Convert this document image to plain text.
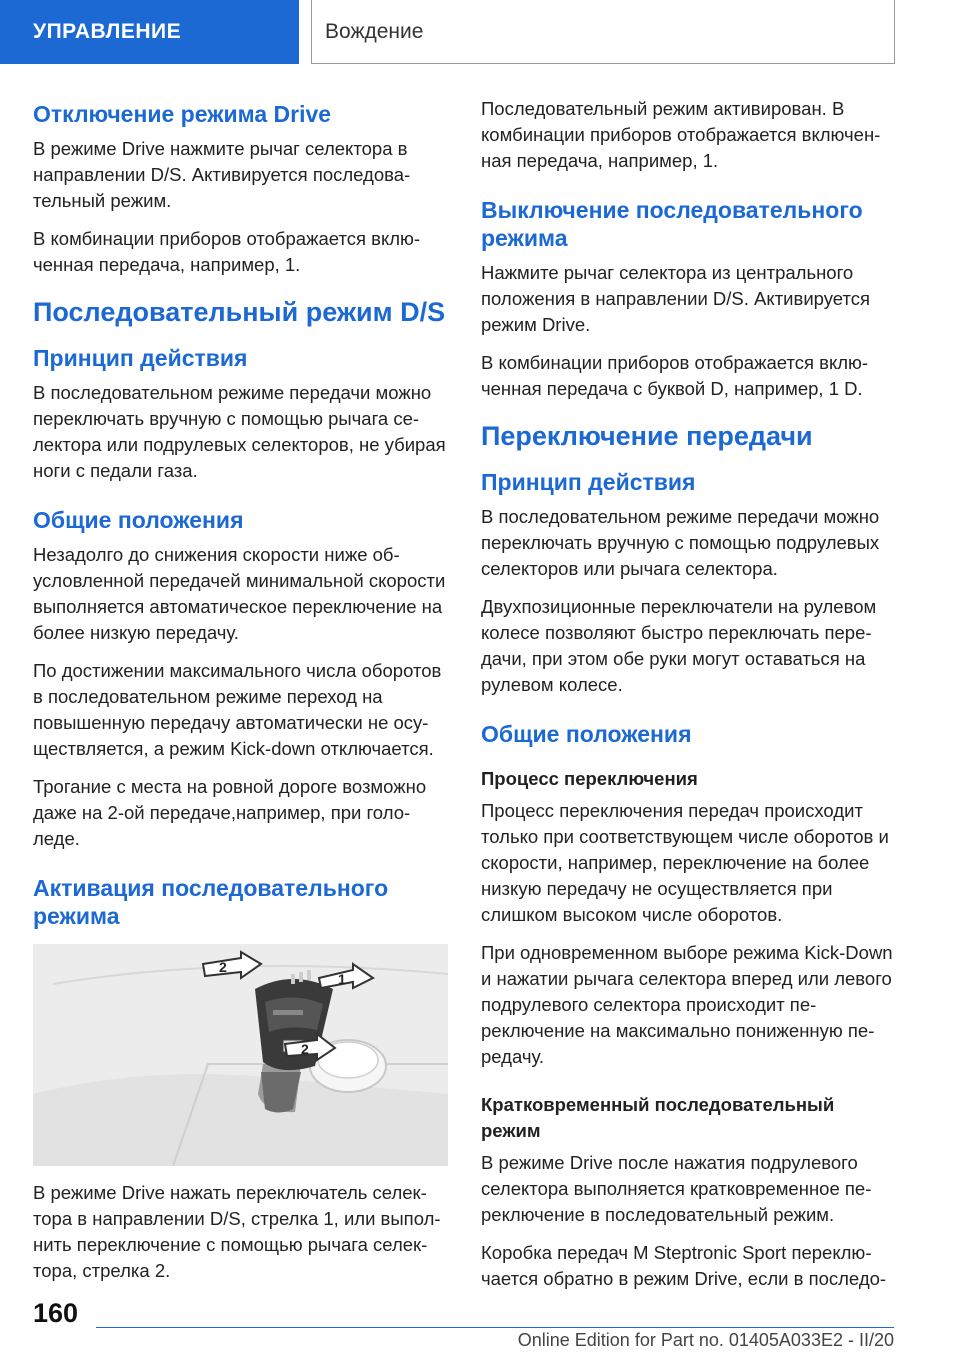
УПРАВЛЕНИЕ	Вождение
Отключение режима Drive

В режиме Drive нажмите рычаг селектора в направлении D/S. Активируется последовательный режим.

В комбинации приборов отображается включенная передача, например, 1.

Последовательный режим D/S
Принцип действия

В последовательном режиме передачи можно переключать вручную с помощью рычага селектора или подрулевых селекторов, не убирая ноги с педали газа.

Общие положения

Незадолго до снижения скорости ниже обусловленной передачей минимальной скорости выполняется автоматическое переключение на более низкую передачу.

По достижении максимального числа оборотов в последовательном режиме переход на повышенную передачу автоматически не осуществляется, а режим Kick-down отключается.

Трогание с места на ровной дороге возможно даже на 2-ой передаче,например, при гололеде.

Активация последовательного режима
2
1
2

В режиме Drive нажать переключатель селектора в направлении D/S, стрелка 1, или выполнить переключение с помощью рычага селектора, стрелка 2.

Последовательный режим активирован. В комбинации приборов отображается включенная передача, например, 1.

Выключение последовательного режима

Нажмите рычаг селектора из центрального положения в направлении D/S. Активируется режим Drive.

В комбинации приборов отображается включенная передача с буквой D, например, 1 D.

Переключение передачи
Принцип действия

В последовательном режиме передачи можно переключать вручную с помощью подрулевых селекторов или рычага селектора.

Двухпозиционные переключатели на рулевом колесе позволяют быстро переключать передачи, при этом обе руки могут оставаться на рулевом колесе.

Общие положения
Процесс переключения

Процесс переключения передач происходит только при соответствующем числе оборотов и скорости, например, переключение на более низкую передачу не осуществляется при слишком высоком числе оборотов.

При одновременном выборе режима Kick-Down и нажатии рычага селектора вперед или левого подрулевого селектора происходит переключение на максимально пониженную передачу.

Кратковременный последовательный режим

В режиме Drive после нажатия подрулевого селектора выполняется кратковременное переключение в последовательный режим.

Коробка передач M Steptronic Sport переключается обратно в режим Drive, если в последо-

160
Online Edition for Part no. 01405A033E2 - II/20
